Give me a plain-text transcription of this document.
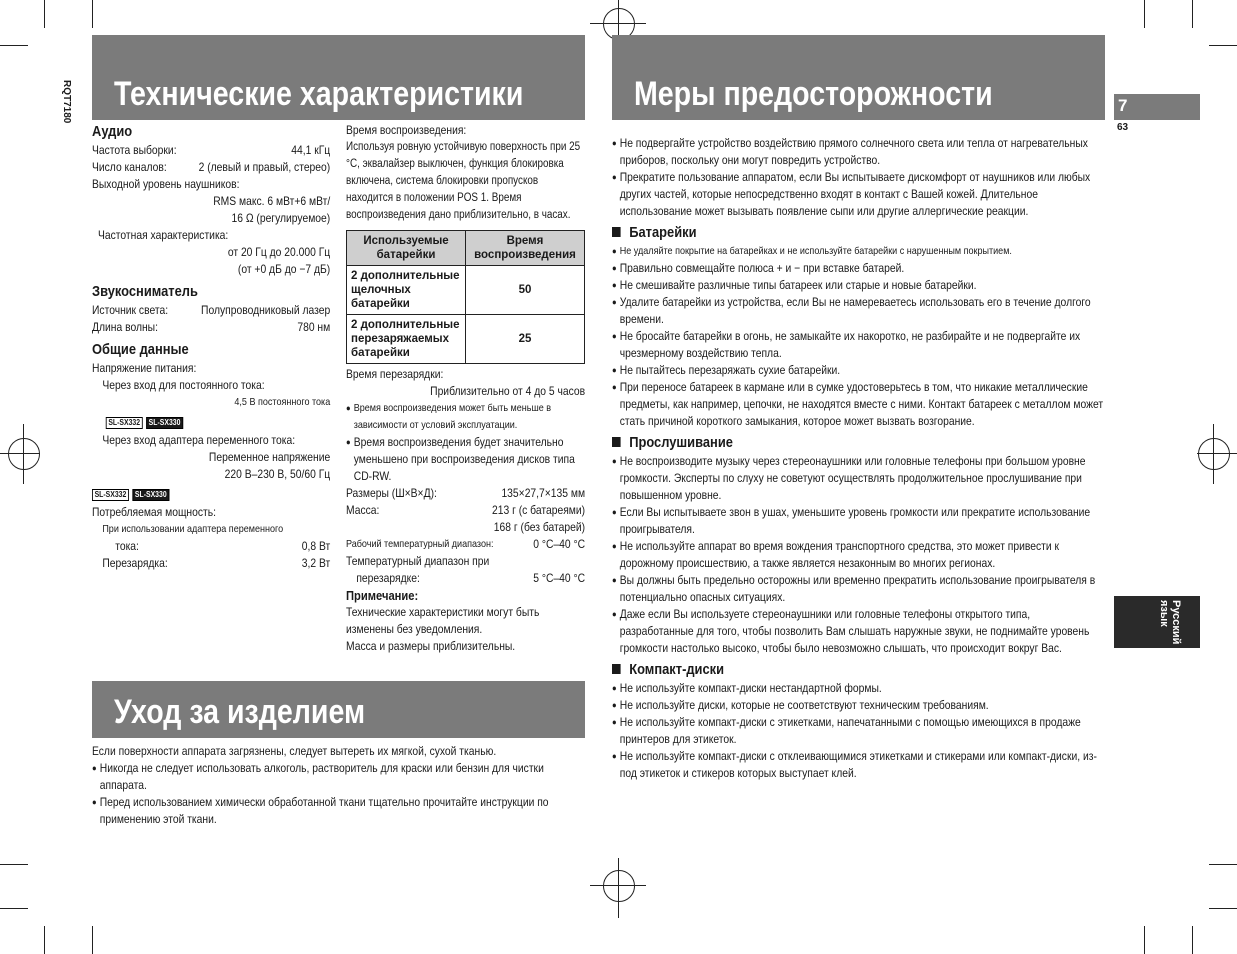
RQT7180 Технические характеристики	Меры предосторожности
Уход за изделием
7
63
Русский язык
Аудио
Частота выборки:	44,1 кГц
Число каналов:	2 (левый и правый, стерео)
Выходной уровень наушников:
RMS макс. 6 мВт+6 мВт/
16 Ω (регулируемое)
Частотная характеристика:
от 20 Гц до 20.000 Гц
(от +0 дБ до −7 дБ)
Звукосниматель
Источник света:	Полупроводниковый лазер
Длина волны:	780 нм
Общие данные
Напряжение питания:
Через вход для постоянного тока:
4,5 В постоянного тока
SL-SX332 SL-SX330
Через вход адаптера переменного тока:
Переменное напряжение
220 В–230 В, 50/60 Гц
SL-SX332 SL-SX330
Потребляемая мощность:
При использовании адаптера переменного
тока:	0,8 Вт
Перезарядка:	3,2 Вт
Время воспроизведения:
Используя ровную устойчивую поверхность при 25 °С, эквалайзер выключен, функция блокировка включена, система блокировки пропусков находится в положении POS 1. Время воспроизведения дано приблизительно, в часах.
Используемые батарейки	Время воспроизведения
2 дополнительные щелочных батарейки	50
2 дополнительные перезаряжаемых батарейки	25
Время перезарядки:
Приблизительно от 4 до 5 часов
● Время воспроизведения может быть меньше в зависимости от условий эксплуатации.
● Время воспроизведения будет значительно уменьшено при воспроизведения дисков типа CD-RW.
Размеры (Ш×В×Д):	135×27,7×135 мм
Масса:	213 г (с батареями)
168 г (без батарей)
Рабочий температурный диапазон:	0 °С–40 °С
Температурный диапазон при
перезарядке:	5 °С–40 °С
Примечание:
Технические характеристики могут быть изменены без уведомления.
Масса и размеры приблизительны.
Если поверхности аппарата загрязнены, следует вытереть их мягкой, сухой тканью.
● Никогда не следует использовать алкоголь, растворитель для краски или бензин для чистки аппарата.
● Перед использованием химически обработанной ткани тщательно прочитайте инструкции по применению этой ткани.
● Не подвергайте устройство воздействию прямого солнечного света или тепла от нагревательных приборов, поскольку они могут повредить устройство.
● Прекратите пользование аппаратом, если Вы испытываете дискомфорт от наушников или любых других частей, которые непосредственно входят в контакт с Вашей кожей. Длительное использование может вызывать появление сыпи или другие аллергические реакции.
Батарейки
● Не удаляйте покрытие на батарейках и не используйте батарейки с нарушенным покрытием.
● Правильно совмещайте полюса + и − при вставке батарей.
● Не смешивайте различные типы батареек или старые и новые батарейки.
● Удалите батарейки из устройства, если Вы не намереваетесь использовать его в течение долгого времени.
● Не бросайте батарейки в огонь, не замыкайте их накоротко, не разбирайте и не подвергайте их чрезмерному воздействию тепла.
● Не пытайтесь перезаряжать сухие батарейки.
● При переносе батареек в кармане или в сумке удостоверьтесь в том, что никакие металлические предметы, как например, цепочки, не находятся вместе с ними. Контакт батареек с металлом может стать причиной короткого замыкания, которое может вызвать возгорание.
Прослушивание
● Не воспроизводите музыку через стереонаушники или головные телефоны при большом уровне громкости. Эксперты по слуху не советуют осуществлять продолжительное прослушивание при повышенном уровне.
● Если Вы испытываете звон в ушах, уменьшите уровень громкости или прекратите использование проигрывателя.
● Не используйте аппарат во время вождения транспортного средства, это может привести к дорожному происшествию, а также является незаконным во многих регионах.
● Вы должны быть предельно осторожны или временно прекратить использование проигрывателя в потенциально опасных ситуациях.
● Даже если Вы используете стереонаушники или головные телефоны открытого типа, разработанные для того, чтобы позволить Вам слышать наружные звуки, не поднимайте уровень громкости настолько высоко, чтобы было невозможно слышать, что происходит вокруг Вас.
Компакт-диски
● Не используйте компакт-диски нестандартной формы.
● Не используйте диски, которые не соответствуют техническим требованиям.
● Не используйте компакт-диски с этикетками, напечатанными с помощью имеющихся в продаже принтеров для этикеток.
● Не используйте компакт-диски с отклеивающимися этикетками и стикерами или компакт-диски, из-под этикеток и стикеров которых выступает клей.
